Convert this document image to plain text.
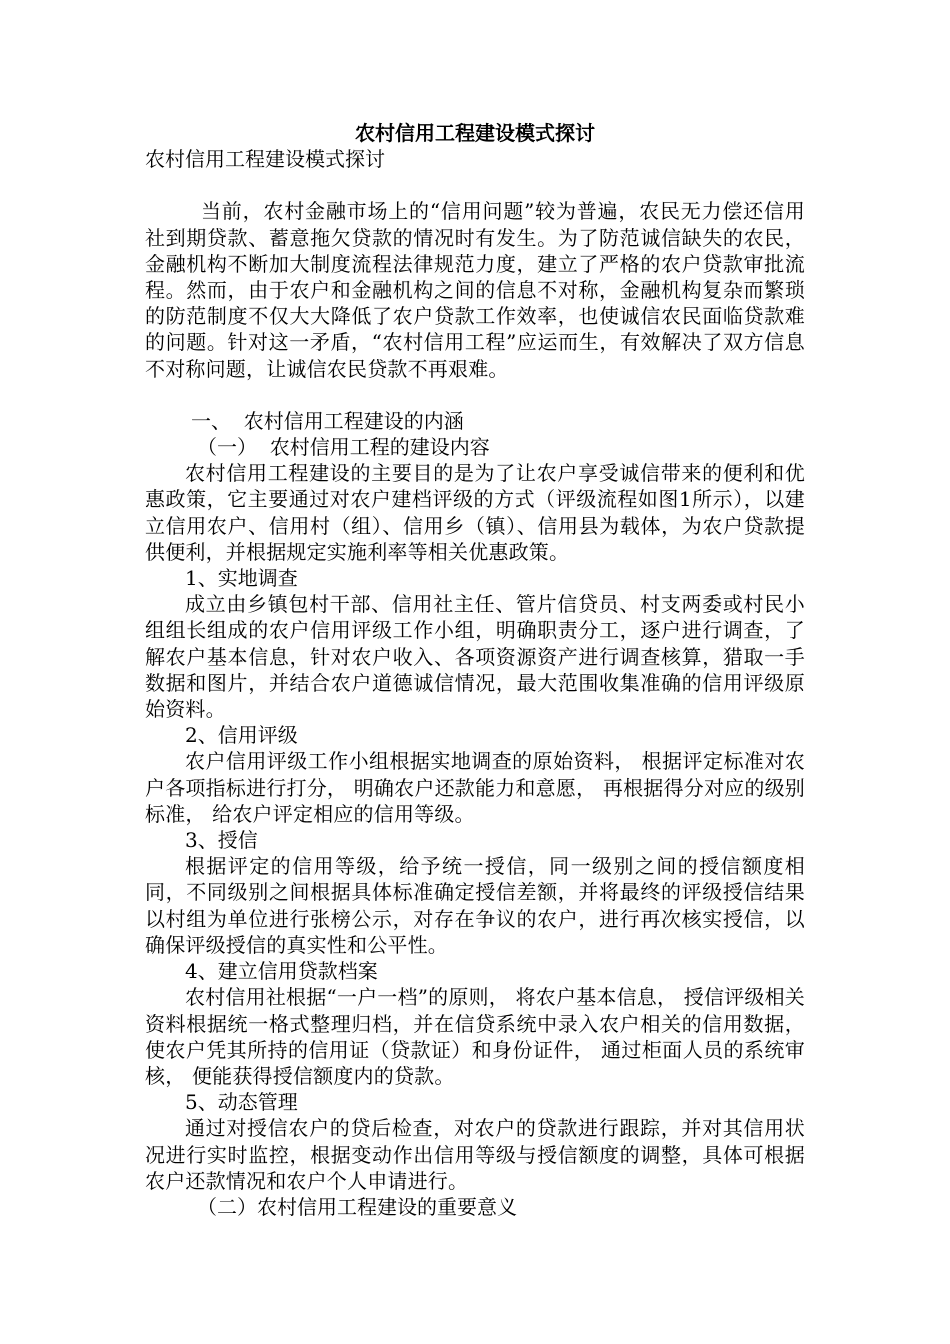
农村信用工程建设模式探讨

农村信用工程建设模式探讨

当前，农村金融市场上的“信用问题”较为普遍，农民无力偿还信用社到期贷款、蓄意拖欠贷款的情况时有发生。为了防范诚信缺失的农民，金融机构不断加大制度流程法律规范力度，建立了严格的农户贷款审批流程。然而，由于农户和金融机构之间的信息不对称，金融机构复杂而繁琐的防范制度不仅大大降低了农户贷款工作效率，也使诚信农民面临贷款难的问题。针对这一矛盾，“农村信用工程”应运而生，有效解决了双方信息不对称问题，让诚信农民贷款不再艰难。

一、  农村信用工程建设的内涵

（一）  农村信用工程的建设内容

农村信用工程建设的主要目的是为了让农户享受诚信带来的便利和优惠政策，它主要通过对农户建档评级的方式（评级流程如图1所示），以建立信用农户、信用村（组）、信用乡（镇）、信用县为载体，为农户贷款提供便利，并根据规定实施利率等相关优惠政策。

1、实地调查

成立由乡镇包村干部、信用社主任、管片信贷员、村支两委或村民小组组长组成的农户信用评级工作小组，明确职责分工，逐户进行调查，了解农户基本信息，针对农户收入、各项资源资产进行调查核算，猎取一手数据和图片，并结合农户道德诚信情况，最大范围收集准确的信用评级原始资料。

2、信用评级

农户信用评级工作小组根据实地调查的原始资料， 根据评定标准对农户各项指标进行打分， 明确农户还款能力和意愿， 再根据得分对应的级别标准， 给农户评定相应的信用等级。

3、授信

根据评定的信用等级，给予统一授信，同一级别之间的授信额度相同，不同级别之间根据具体标准确定授信差额，并将最终的评级授信结果以村组为单位进行张榜公示，对存在争议的农户，进行再次核实授信，以确保评级授信的真实性和公平性。

4、建立信用贷款档案

农村信用社根据“一户一档”的原则， 将农户基本信息， 授信评级相关资料根据统一格式整理归档，并在信贷系统中录入农户相关的信用数据，使农户凭其所持的信用证（贷款证）和身份证件， 通过柜面人员的系统审核， 便能获得授信额度内的贷款。

5、动态管理

通过对授信农户的贷后检查，对农户的贷款进行跟踪，并对其信用状况进行实时监控，根据变动作出信用等级与授信额度的调整，具体可根据农户还款情况和农户个人申请进行。

（二）农村信用工程建设的重要意义
